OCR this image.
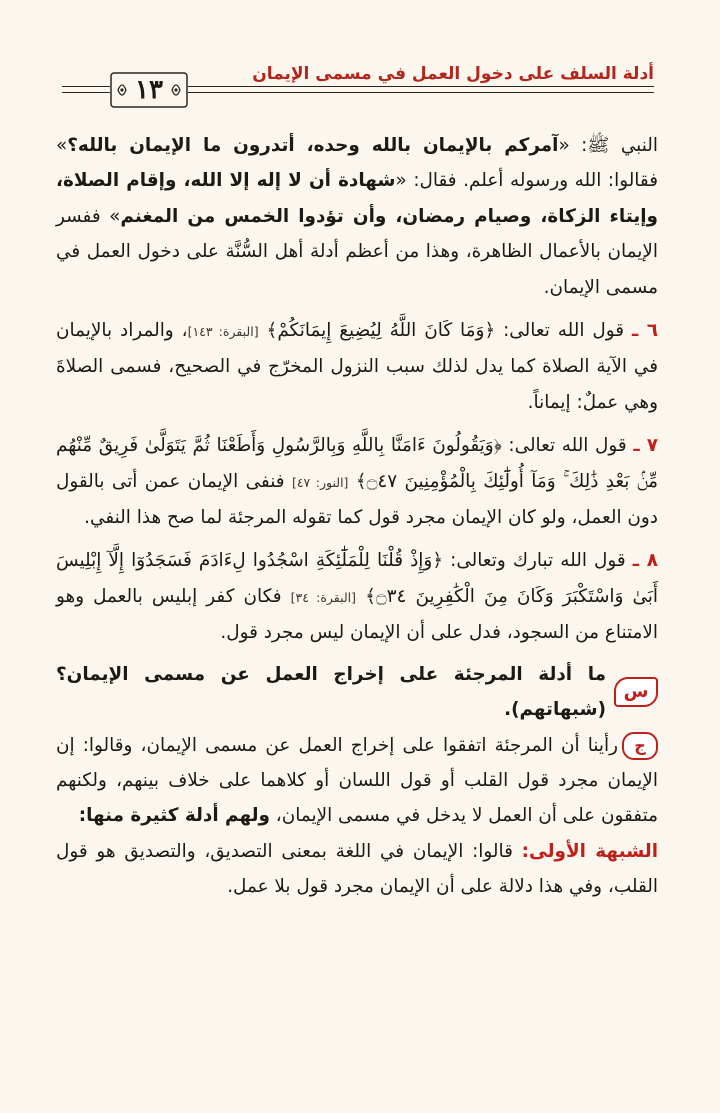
أدلة السلف على دخول العمل في مسمى الإيمان
١٣

النبي ﷺ: «آمركم بالإيمان بالله وحده، أتدرون ما الإيمان بالله؟» فقالوا: الله ورسوله أعلم. فقال: «شهادة أن لا إله إلا الله، وإقام الصلاة، وإيتاء الزكاة، وصيام رمضان، وأن تؤدوا الخمس من المغنم» ففسر الإيمان بالأعمال الظاهرة، وهذا من أعظم أدلة أهل السُّنَّة على دخول العمل في مسمى الإيمان.

٦ ـ قول الله تعالى: ﴿وَمَا كَانَ اللَّهُ لِيُضِيعَ إِيمَانَكُمْ﴾ [البقرة: ١٤٣]، والمراد بالإيمان في الآية الصلاة كما يدل لذلك سبب النزول المخرّج في الصحيح، فسمى الصلاةَ وهي عملٌ: إيماناً.

٧ ـ قول الله تعالى: ﴿وَيَقُولُونَ ءَامَنَّا بِاللَّهِ وَبِالرَّسُولِ وَأَطَعْنَا ثُمَّ يَتَوَلَّىٰ فَرِيقٌ مِّنْهُم مِّنۢ بَعْدِ ذَٰلِكَ ۚ وَمَآ أُولَٰٓئِكَ بِالْمُؤْمِنِينَ ۝٤٧﴾ [النور: ٤٧] فنفى الإيمان عمن أتى بالقول دون العمل، ولو كان الإيمان مجرد قول كما تقوله المرجئة لما صح هذا النفي.

٨ ـ قول الله تبارك وتعالى: ﴿وَإِذْ قُلْنَا لِلْمَلَٰٓئِكَةِ اسْجُدُوا لِءَادَمَ فَسَجَدُوٓا إِلَّآ إِبْلِيسَ أَبَىٰ وَاسْتَكْبَرَ وَكَانَ مِنَ الْكَٰفِرِينَ ۝٣٤﴾ [البقرة: ٣٤] فكان كفر إبليس بالعمل وهو الامتناع من السجود، فدل على أن الإيمان ليس مجرد قول.

س
ما أدلة المرجئة على إخراج العمل عن مسمى الإيمان؟ (شبهاتهم).

جرأينا أن المرجئة اتفقوا على إخراج العمل عن مسمى الإيمان، وقالوا: إن الإيمان مجرد قول القلب أو قول اللسان أو كلاهما على خلاف بينهم، ولكنهم متفقون على أن العمل لا يدخل في مسمى الإيمان، ولهم أدلة كثيرة منها:

الشبهة الأولى: قالوا: الإيمان في اللغة بمعنى التصديق، والتصديق هو قول القلب، وفي هذا دلالة على أن الإيمان مجرد قول بلا عمل.
